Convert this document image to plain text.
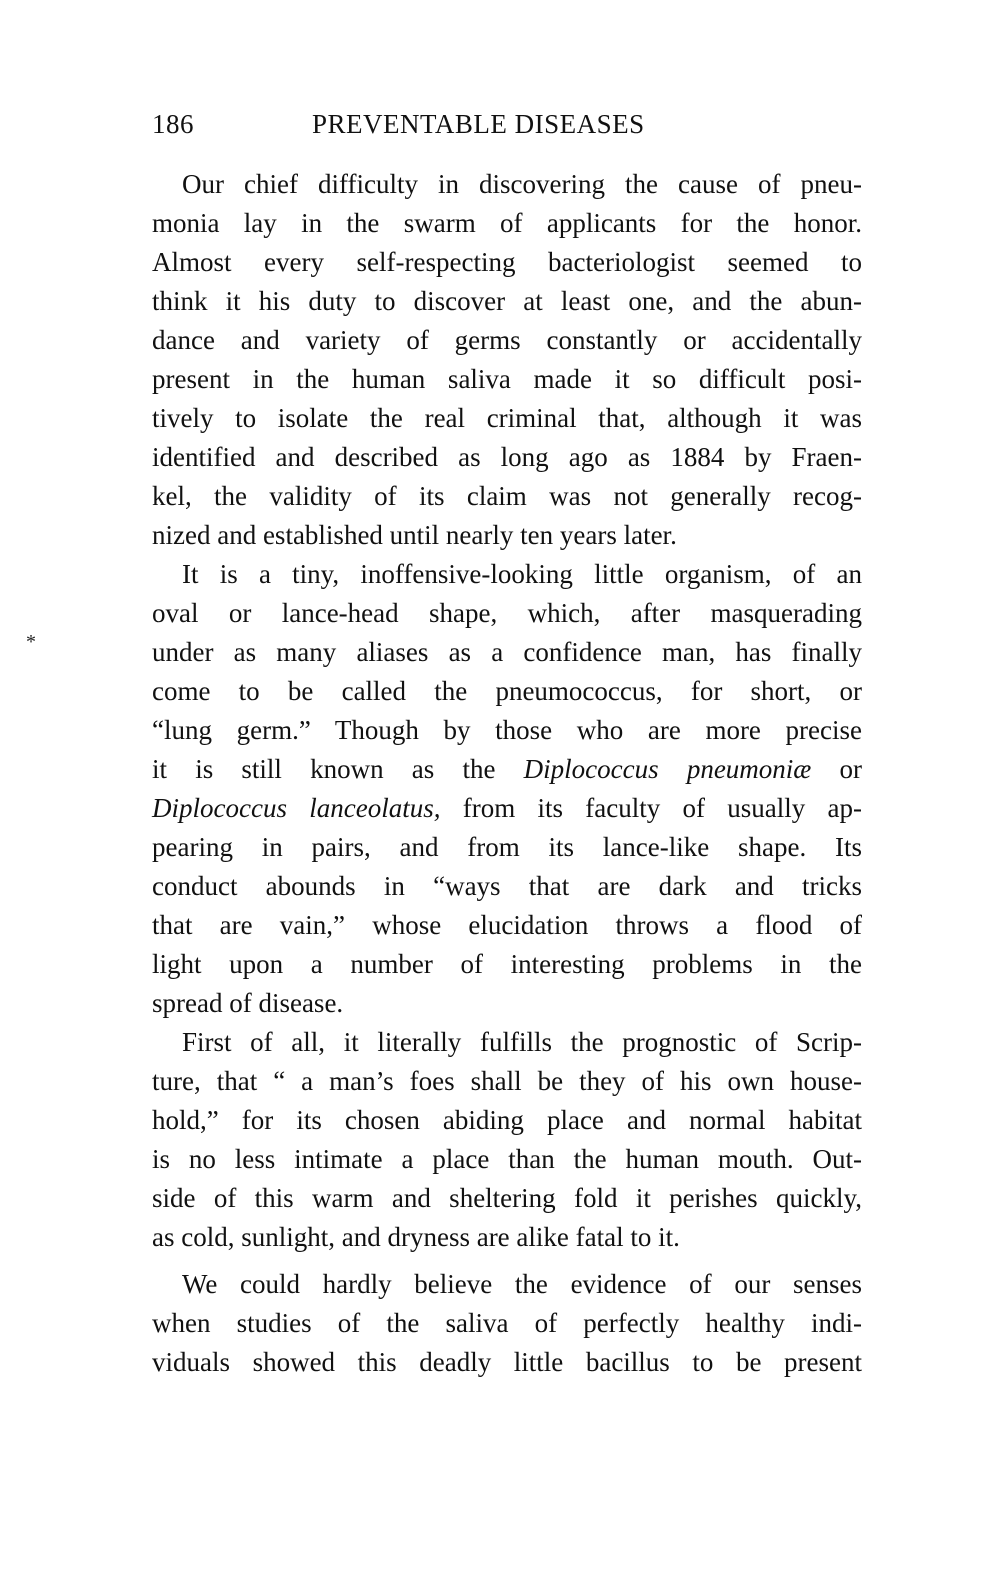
186	PREVENTABLE DISEASES
*
Our chief difficulty in discovering the cause of pneu-
monia lay in the swarm of applicants for the honor.
Almost every self-respecting bacteriologist seemed to
think it his duty to discover at least one, and the abun-
dance and variety of germs constantly or accidentally
present in the human saliva made it so difficult posi-
tively to isolate the real criminal that, although it was
identified and described as long ago as 1884 by Fraen-
kel, the validity of its claim was not generally recog-
nized and established until nearly ten years later.
It is a tiny, inoffensive-looking little organism, of an
oval or lance-head shape, which, after masquerading
under as many aliases as a confidence man, has finally
come to be called the pneumococcus, for short, or
“lung germ.” Though by those who are more precise
it is still known as the Diplococcus pneumoniæ or
Diplococcus lanceolatus, from its faculty of usually ap-
pearing in pairs, and from its lance-like shape. Its
conduct abounds in “ways that are dark and tricks
that are vain,” whose elucidation throws a flood of
light upon a number of interesting problems in the
spread of disease.
First of all, it literally fulfills the prognostic of Scrip-
ture, that “ a man’s foes shall be they of his own house-
hold,” for its chosen abiding place and normal habitat
is no less intimate a place than the human mouth. Out-
side of this warm and sheltering fold it perishes quickly,
as cold, sunlight, and dryness are alike fatal to it.
We could hardly believe the evidence of our senses
when studies of the saliva of perfectly healthy indi-
viduals showed this deadly little bacillus to be present
